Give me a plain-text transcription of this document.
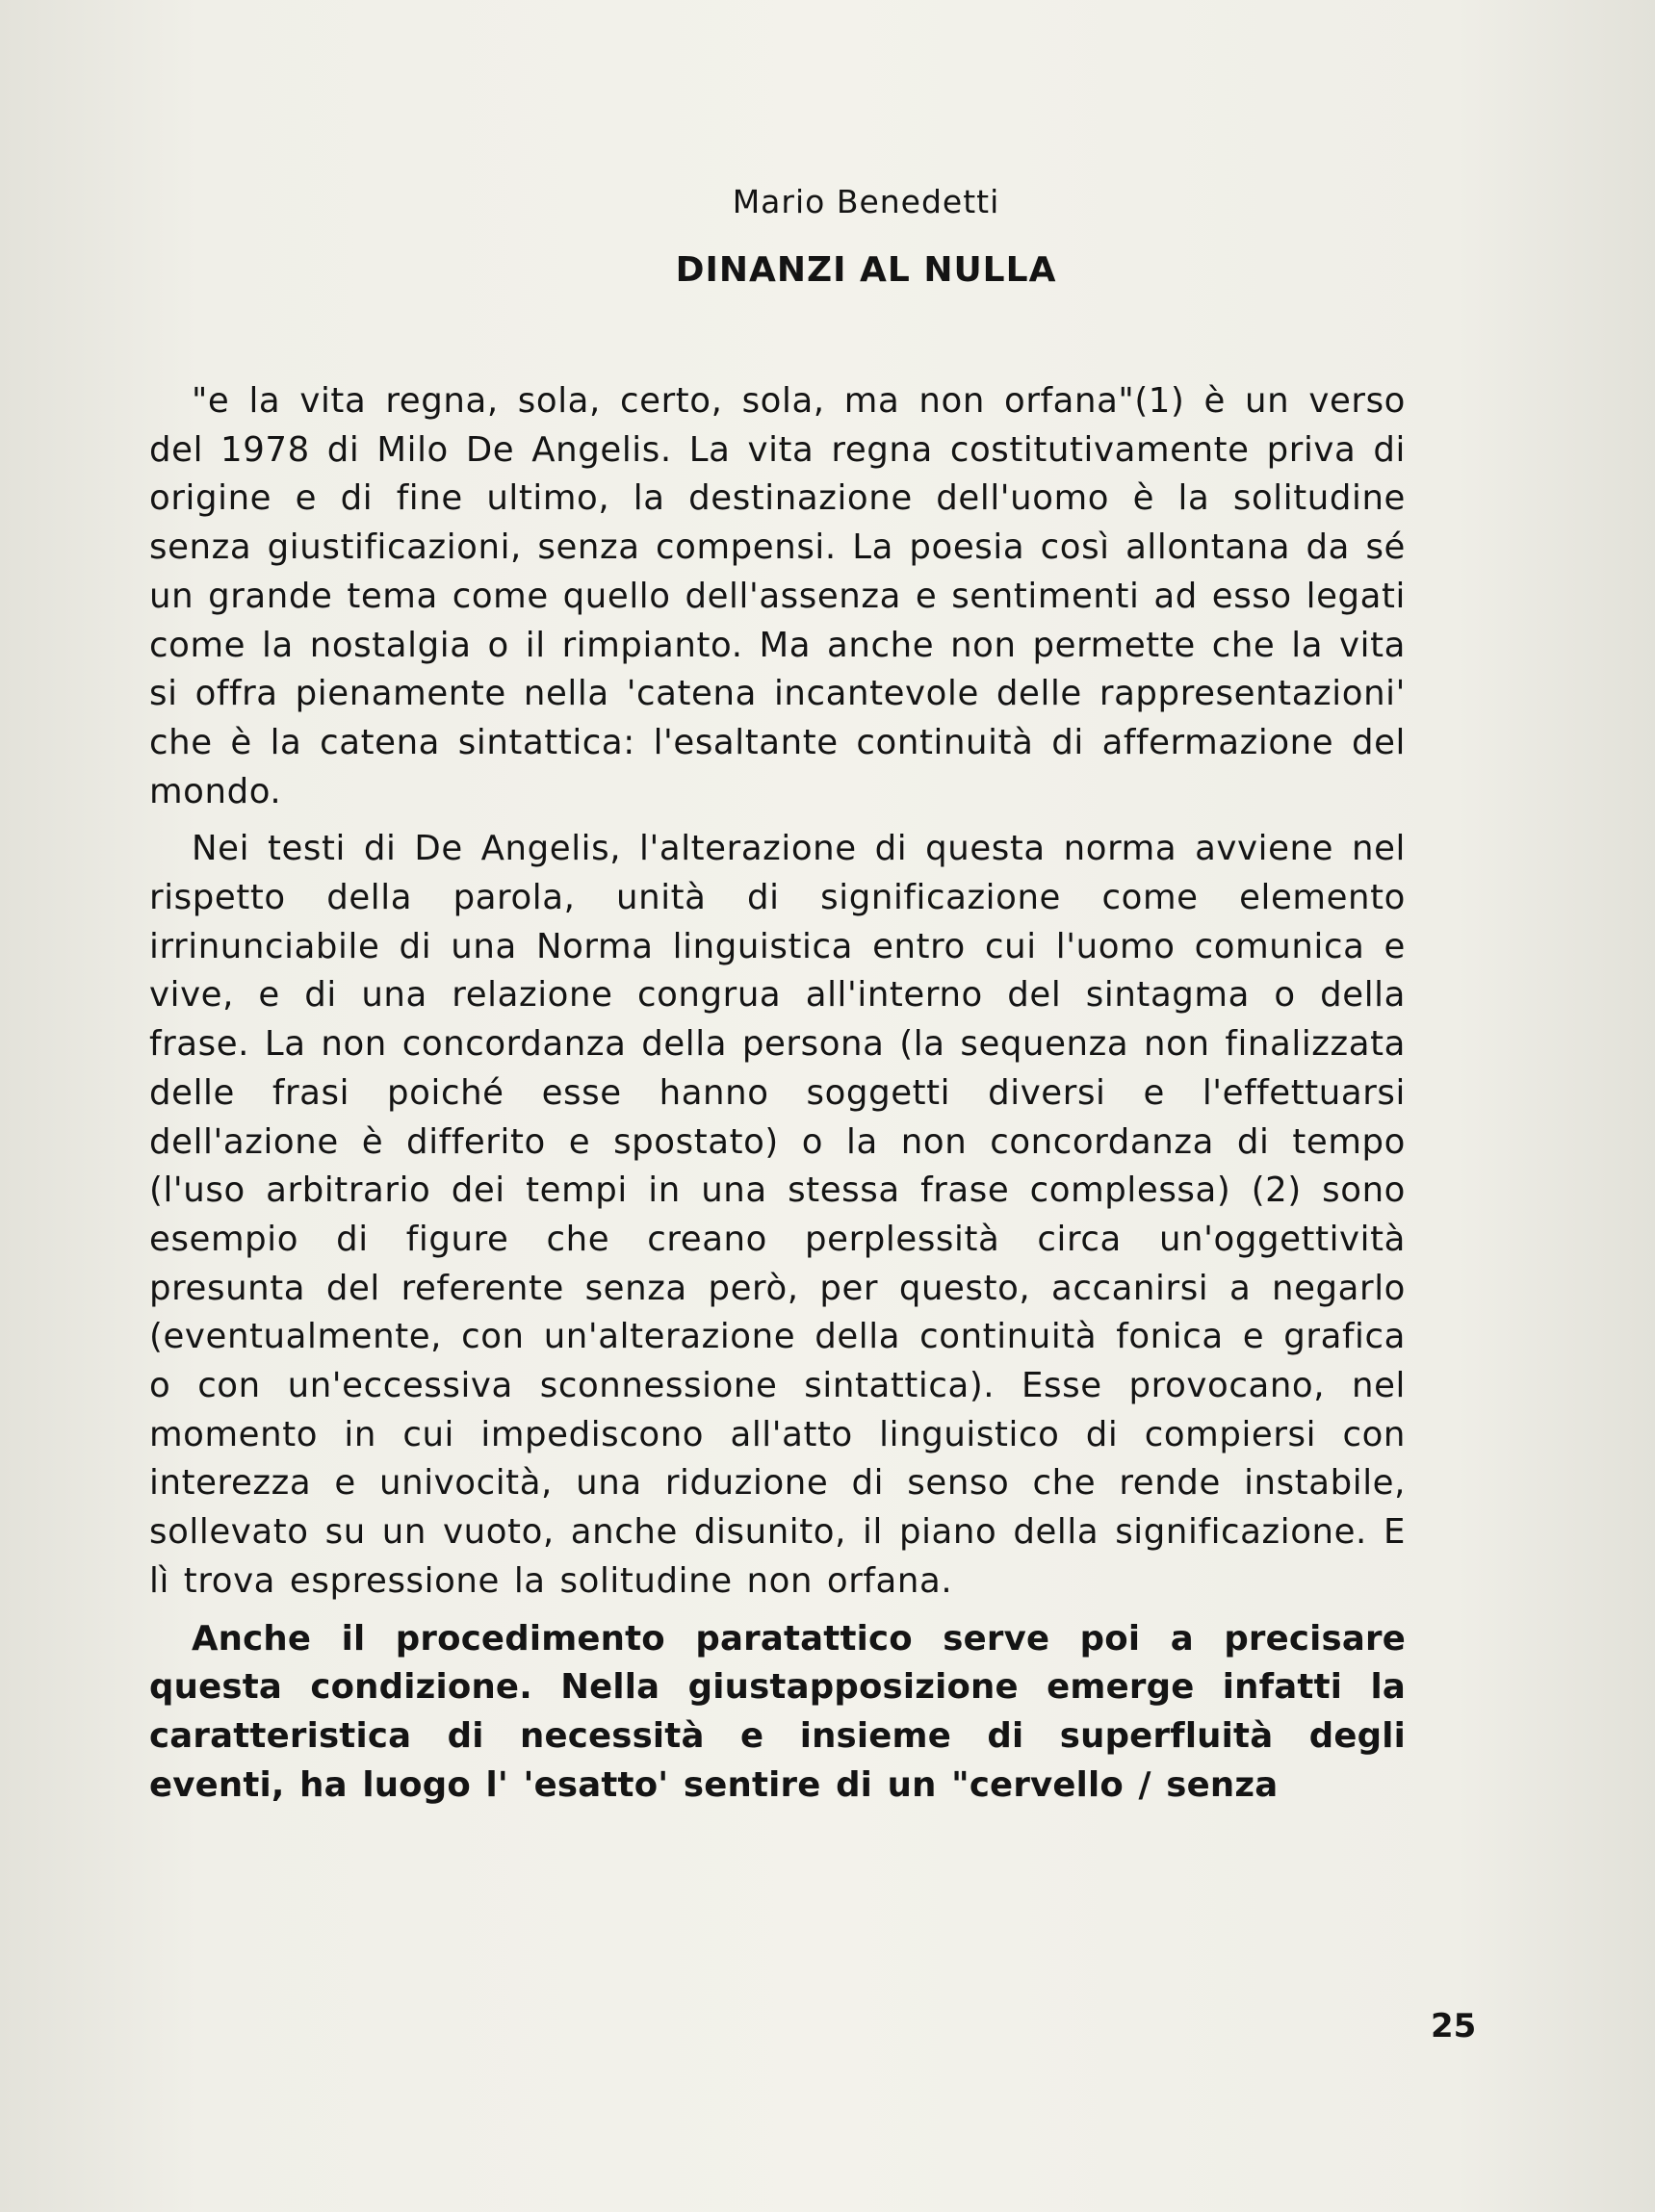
Mario Benedetti
DINANZI AL NULLA

"e la vita regna, sola, certo, sola, ma non orfana"(1) è un verso del 1978 di Milo De Angelis. La vita regna costitutivamente priva di origine e di fine ultimo, la destinazione dell'uomo è la solitudine senza giustificazioni, senza compensi. La poesia così allontana da sé un grande tema come quello dell'assenza e sentimenti ad esso legati come la nostalgia o il rimpianto. Ma anche non permette che la vita si offra pienamente nella 'catena incantevole delle rappresentazioni' che è la catena sintattica: l'esaltante continuità di affermazione del mondo.

Nei testi di De Angelis, l'alterazione di questa norma avviene nel rispetto della parola, unità di significazione come elemento irrinunciabile di una Norma linguistica entro cui l'uomo comunica e vive, e di una relazione congrua all'interno del sintagma o della frase. La non concordanza della persona (la sequenza non finalizzata delle frasi poiché esse hanno soggetti diversi e l'effettuarsi dell'azione è differito e spostato) o la non concordanza di tempo (l'uso arbitrario dei tempi in una stessa frase complessa) (2) sono esempio di figure che creano perplessità circa un'oggettività presunta del referente senza però, per questo, accanirsi a negarlo (eventualmente, con un'alterazione della continuità fonica e grafica o con un'eccessiva sconnessione sintattica). Esse provocano, nel momento in cui impediscono all'atto linguistico di compiersi con interezza e univocità, una riduzione di senso che rende instabile, sollevato su un vuoto, anche disunito, il piano della significazione. E lì trova espressione la solitudine non orfana.

Anche il procedimento paratattico serve poi a precisare questa condizione. Nella giustapposizione emerge infatti la caratteristica di necessità e insieme di superfluità degli eventi, ha luogo l' 'esatto' sentire di un "cervello / senza

25
